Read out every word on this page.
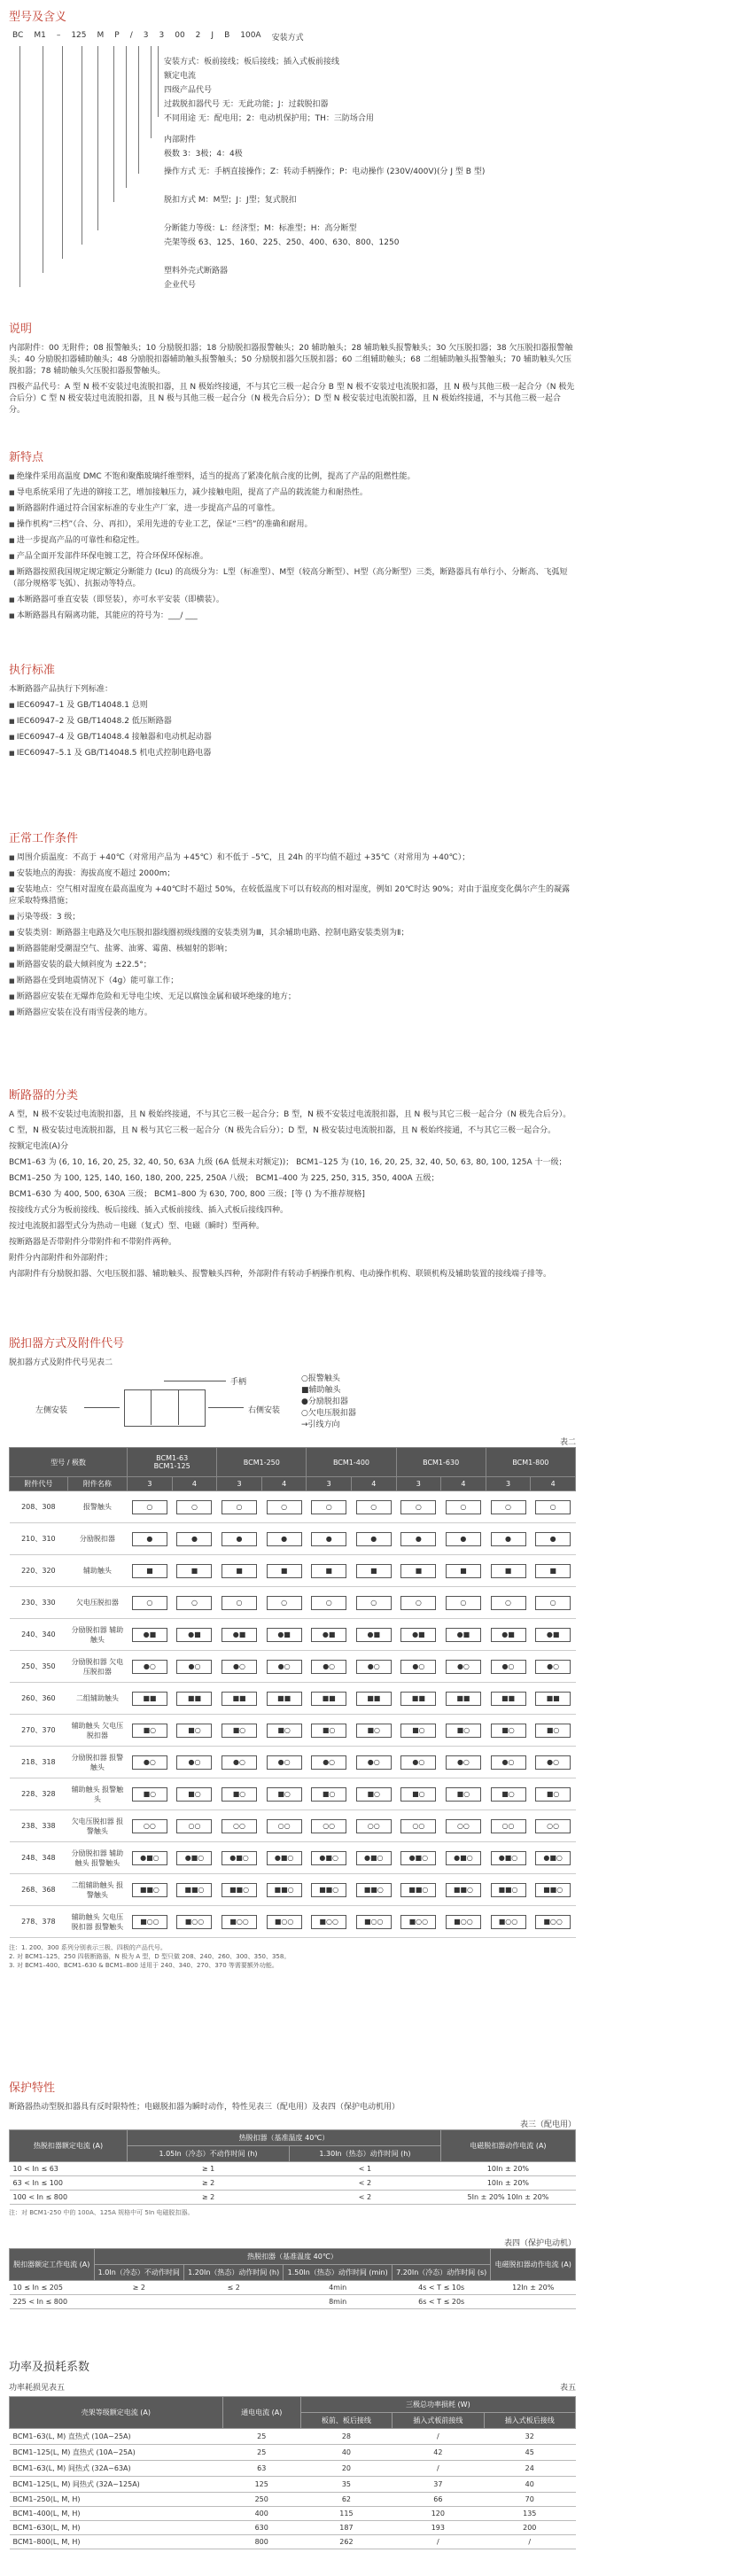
型号及含义
BC M1 – 125 M P / 3 3 00 2 J B 100A 安装方式
安装方式：板前接线；板后接线；插入式板前接线
额定电流
四级产品代号
过载脱扣器代号 无：无此功能；J：过载脱扣器
不同用途 无：配电用；2：电动机保护用；TH：三防场合用
内部附件
极数 3：3极；4：4极
操作方式 无：手柄直接操作；Z：转动手柄操作；P：电动操作 (230V/400V)(分 J 型 B 型)
脱扣方式 M：M型；J：J型；复式脱扣
分断能力等级：L：经济型；M：标准型；H：高分断型
壳架等级 63、125、160、225、250、400、630、800、1250
塑料外壳式断路器
企业代号
说明

内部附件：00 无附件；08 报警触头；10 分励脱扣器；18 分励脱扣器报警触头；20 辅助触头；28 辅助触头报警触头；30 欠压脱扣器；38 欠压脱扣器报警触头；40 分励脱扣器辅助触头；48 分励脱扣器辅助触头报警触头；50 分励脱扣器欠压脱扣器；60 二组辅助触头；68 二组辅助触头报警触头；70 辅助触头欠压脱扣器；78 辅助触头欠压脱扣器报警触头。

四极产品代号：A 型 N 极不安装过电流脱扣器，且 N 极始终接通，不与其它三极一起合分 B 型 N 极不安装过电流脱扣器，且 N 极与其他三极一起合分（N 极先合后分）C 型 N 极安装过电流脱扣器，且 N 极与其他三极一起合分（N 极先合后分）；D 型 N 极安装过电流脱扣器，且 N 极始终接通，不与其他三极一起合分。

新特点

■ 绝缘件采用高温度 DMC 不饱和聚酯玻璃纤维塑料，适当的提高了紧凑化航合度的比例，提高了产品的阻燃性能。

■ 导电系统采用了先进的铆接工艺，增加接触压力，减少接触电阻，提高了产品的载流能力和耐热性。

■ 断路器附件通过符合国家标准的专业生产厂家，进一步提高产品的可靠性。

■ 操作机构“三档”（合、分、再扣），采用先进的专业工艺，保证“三档”的准确和耐用。

■ 进一步提高产品的可靠性和稳定性。

■ 产品全面开发部件环保电镀工艺，符合环保环保标准。

■ 断路器按照我国规定规定额定分断能力 (Icu) 的高级分为：L型（标准型）、M型（较高分断型）、H型（高分断型）三类，断路器具有单行小、分断高、飞弧短（部分规格零飞弧）、抗振动等特点。

■ 本断路器可垂直安装（即竖装），亦可水平安装（即横装）。

■ 本断路器具有隔离功能，其能应的符号为：___/ ___

执行标准

本断路器产品执行下列标准：

■ IEC60947–1 及 GB/T14048.1 总则

■ IEC60947–2 及 GB/T14048.2 低压断路器

■ IEC60947–4 及 GB/T14048.4 接触器和电动机起动器

■ IEC60947–5.1 及 GB/T14048.5 机电式控制电路电器

正常工作条件

■ 周围介质温度：不高于 +40℃（对常用产品为 +45℃）和不低于 –5℃，且 24h 的平均值不超过 +35℃（对常用为 +40℃）；

■ 安装地点的海拔：海拔高度不超过 2000m；

■ 安装地点：空气相对湿度在最高温度为 +40℃时不超过 50%，在较低温度下可以有较高的相对湿度，例如 20℃时达 90%；对由于温度变化偶尔产生的凝露应采取特殊措施；

■ 污染等级：3 级；

■ 安装类别：断路器主电路及欠电压脱扣器线圈初级线圈的安装类别为Ⅲ，其余辅助电路、控制电路安装类别为Ⅱ；

■ 断路器能耐受潮湿空气、盐雾、油雾、霉菌、核辐射的影响；

■ 断路器安装的最大倾斜度为 ±22.5°；

■ 断路器在受到地震情况下（4g）能可靠工作；

■ 断路器应安装在无爆炸危险和无导电尘埃、无足以腐蚀金属和破坏绝缘的地方；

■ 断路器应安装在没有雨雪侵袭的地方。

断路器的分类

A 型，N 极不安装过电流脱扣器，且 N 极始终接通，不与其它三极一起合分；B 型，N 极不安装过电流脱扣器，且 N 极与其它三极一起合分（N 极先合后分）。

C 型，N 极安装过电流脱扣器，且 N 极与其它三极一起合分（N 极先合后分）；D 型，N 极安装过电流脱扣器，且 N 极始终接通，不与其它三极一起合分。

按额定电流(A)分

BCM1–63 为 (6, 10, 16, 20, 25, 32, 40, 50, 63A 九级 (6A 低规未对额定))； BCM1–125 为 (10, 16, 20, 25, 32, 40, 50, 63, 80, 100, 125A 十一级；

BCM1–250 为 100, 125, 140, 160, 180, 200, 225, 250A 八级； BCM1–400 为 225, 250, 315, 350, 400A 五级；

BCM1–630 为 400, 500, 630A 三级； BCM1–800 为 630, 700, 800 三级；[等 () 为不推荐规格]

按接线方式分为板前接线、板后接线、插入式板前接线、插入式板后接线四种。

按过电流脱扣器型式分为热动－电磁（复式）型、电磁（瞬时）型两种。

按断路器是否带附件分带附件和不带附件两种。

附件分内部附件和外部附件；

内部附件有分励脱扣器、欠电压脱扣器、辅助触头、报警触头四种，外部附件有转动手柄操作机构、电动操作机构、联锁机构及辅助装置的接线端子排等。

脱扣器方式及附件代号

脱扣器方式及附件代号见表二

手柄
左侧安装	右侧安装
○报警触头
■辅助触头
●分励脱扣器
○欠电压脱扣器
→引线方向
表二
型号 / 极数		BCM1-63
BCM1-125		BCM1-250		BCM1-400		BCM1-630		BCM1-800	
附件代号	附件名称	3	4	3	4	3	4	3	4	3	4
208、308	报警触头	○	○	○	○	○	○	○	○	○	○
210、310	分励脱扣器	●	●	●	●	●	●	●	●	●	●
220、320	辅助触头	■	■	■	■	■	■	■	■	■	■
230、330	欠电压脱扣器	○	○	○	○	○	○	○	○	○	○
240、340	分励脱扣器 辅助触头	●■	●■	●■	●■	●■	●■	●■	●■	●■	●■
250、350	分励脱扣器 欠电压脱扣器	●○	●○	●○	●○	●○	●○	●○	●○	●○	●○
260、360	二组辅助触头	■■	■■	■■	■■	■■	■■	■■	■■	■■	■■
270、370	辅助触头 欠电压脱扣器	■○	■○	■○	■○	■○	■○	■○	■○	■○	■○
218、318	分励脱扣器 报警触头	●○	●○	●○	●○	●○	●○	●○	●○	●○	●○
228、328	辅助触头 报警触头	■○	■○	■○	■○	■○	■○	■○	■○	■○	■○
238、338	欠电压脱扣器 报警触头	○○	○○	○○	○○	○○	○○	○○	○○	○○	○○
248、348	分励脱扣器 辅助触头 报警触头	●■○	●■○	●■○	●■○	●■○	●■○	●■○	●■○	●■○	●■○
268、368	二组辅助触头 报警触头	■■○	■■○	■■○	■■○	■■○	■■○	■■○	■■○	■■○	■■○
278、378	辅助触头 欠电压脱扣器 报警触头	■○○	■○○	■○○	■○○	■○○	■○○	■○○	■○○	■○○	■○○
注：1. 200、300 系列分别表示三极、四极的产品代号。
2. 对 BCM1–125、250 四极断路器，N 极为 A 型，D 型只做 208、240、260、300、350、358。
3. 对 BCM1–400、BCM1–630 & BCM1–800 适用于 240、340、270、370 等需要额外功能。
保护特性

断路器热动型脱扣器具有反时限特性；电磁脱扣器为瞬时动作，特性见表三（配电用）及表四（保护电动机用）

表三（配电用）
热脱扣器额定电流 (A)	热脱扣器（基准温度 40℃）		电磁脱扣器动作电流 (A)
	1.05In（冷态）不动作时间 (h)	1.30In（热态）动作时间 (h)	
10 < In ≤ 63	≥ 1	< 1	10In ± 20%
63 < In ≤ 100	≥ 2	< 2	10In ± 20%
100 < In ≤ 800	≥ 2	< 2	5In ± 20% 10In ± 20%

注：对 BCM1-250 中的 100A、125A 规格中可 5In 电磁脱扣器。

表四（保护电动机）
脱扣器额定工作电流 (A)	热脱扣器（基准温度 40℃）				电磁脱扣器动作电流 (A)
	1.0In（冷态）不动作时间	1.20In（热态）动作时间 (h)	1.50In（热态）动作时间 (min)	7.20In（冷态）动作时间 (s)	
10 ≤ In ≤ 205	≥ 2	≤ 2	4min	4s < T ≤ 10s	12In ± 20%
225 < In ≤ 800			8min	6s < T ≤ 20s	
功率及损耗系数
功率耗损见表五	表五
壳架等级额定电流 (A)	通电电流 (A)	三极总功率损耗 (W)		
		板前、板后接线	插入式板前接线	插入式板后接线
BCM1–63(L, M) 直热式 (10A~25A)	25	28	/	32
BCM1–125(L, M) 直热式 (10A~25A)	25	40	42	45
BCM1–63(L, M) 间热式 (32A~63A)	63	20	/	24
BCM1–125(L, M) 间热式 (32A~125A)	125	35	37	40
BCM1–250(L, M, H)	250	62	66	70
BCM1–400(L, M, H)	400	115	120	135
BCM1–630(L, M, H)	630	187	193	200
BCM1–800(L, M, H)	800	262	/	/
